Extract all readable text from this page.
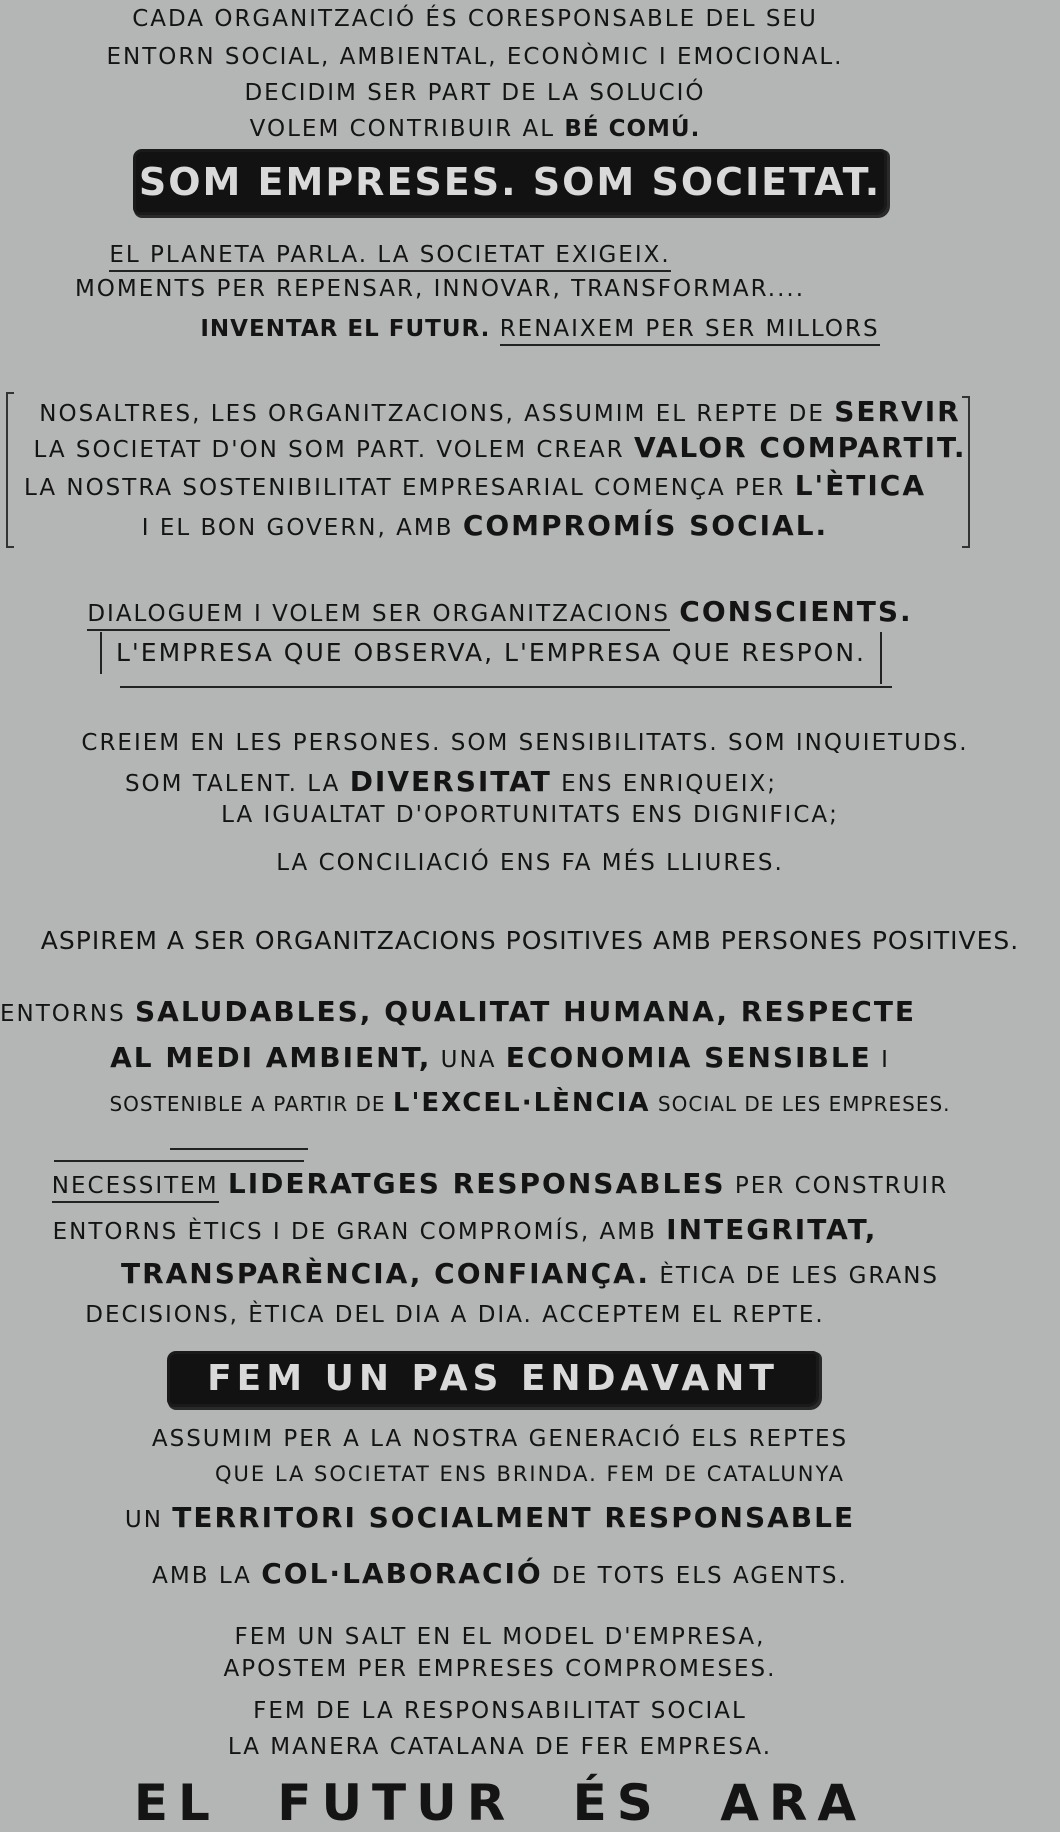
CADA ORGANITZACIÓ ÉS CORESPONSABLE DEL SEU
ENTORN SOCIAL, AMBIENTAL, ECONÒMIC I EMOCIONAL.
DECIDIM SER PART DE LA SOLUCIÓ
VOLEM CONTRIBUIR AL BÉ COMÚ.
SOM EMPRESES. SOM SOCIETAT.
EL PLANETA PARLA. LA SOCIETAT EXIGEIX.
MOMENTS PER REPENSAR, INNOVAR, TRANSFORMAR....
INVENTAR EL FUTUR. RENAIXEM PER SER MILLORS
NOSALTRES, LES ORGANITZACIONS, ASSUMIM EL REPTE DE SERVIR
LA SOCIETAT D'ON SOM PART. VOLEM CREAR VALOR COMPARTIT.
LA NOSTRA SOSTENIBILITAT EMPRESARIAL COMENÇA PER L'ÈTICA
I EL BON GOVERN, AMB COMPROMÍS SOCIAL.
DIALOGUEM I VOLEM SER ORGANITZACIONS CONSCIENTS.
L'EMPRESA QUE OBSERVA, L'EMPRESA QUE RESPON.
CREIEM EN LES PERSONES. SOM SENSIBILITATS. SOM INQUIETUDS.
SOM TALENT. LA DIVERSITAT ENS ENRIQUEIX;
LA IGUALTAT D'OPORTUNITATS ENS DIGNIFICA;
LA CONCILIACIÓ ENS FA MÉS LLIURES.
ASPIREM A SER ORGANITZACIONS POSITIVES AMB PERSONES POSITIVES.
ENTORNS SALUDABLES, QUALITAT HUMANA, RESPECTE
AL MEDI AMBIENT, UNA ECONOMIA SENSIBLE I
SOSTENIBLE A PARTIR DE L'EXCEL·LÈNCIA SOCIAL DE LES EMPRESES.
NECESSITEM LIDERATGES RESPONSABLES PER CONSTRUIR
ENTORNS ÈTICS I DE GRAN COMPROMÍS, AMB INTEGRITAT,
TRANSPARÈNCIA, CONFIANÇA. ÈTICA DE LES GRANS
DECISIONS, ÈTICA DEL DIA A DIA. ACCEPTEM EL REPTE.
FEM UN PAS ENDAVANT
ASSUMIM PER A LA NOSTRA GENERACIÓ ELS REPTES
QUE LA SOCIETAT ENS BRINDA. FEM DE CATALUNYA
UN TERRITORI SOCIALMENT RESPONSABLE
AMB LA COL·LABORACIÓ DE TOTS ELS AGENTS.
FEM UN SALT EN EL MODEL D'EMPRESA,
APOSTEM PER EMPRESES COMPROMESES.
FEM DE LA RESPONSABILITAT SOCIAL
LA MANERA CATALANA DE FER EMPRESA.
EL FUTUR ÉS ARA
